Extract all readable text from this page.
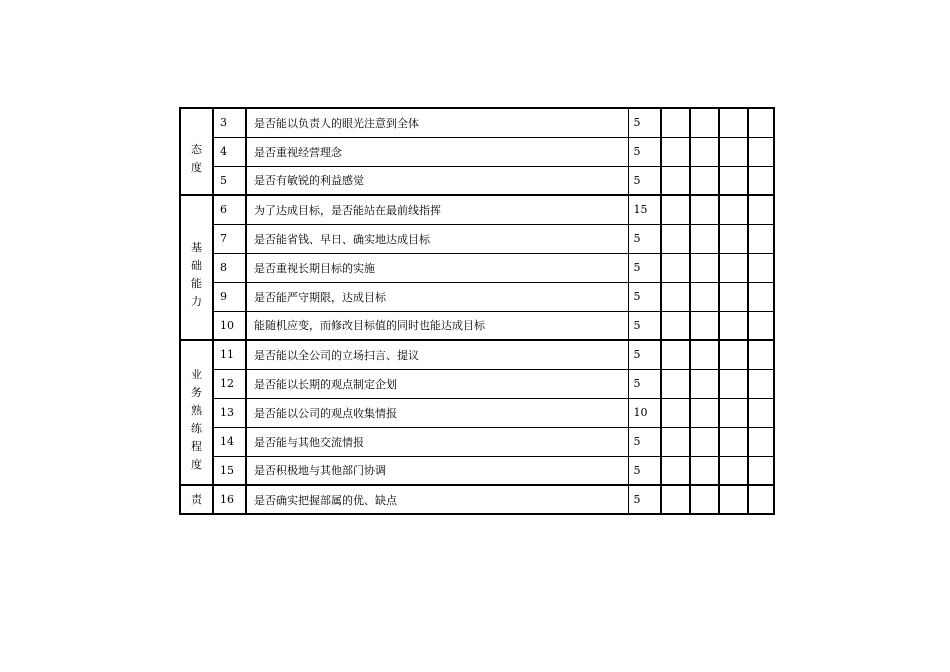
态度	3	是否能以负责人的眼光注意到全体	5				
	4	是否重视经营理念	5				
	5	是否有敏锐的利益感觉	5				
基础能力	6	为了达成目标，是否能站在最前线指挥	15				
	7	是否能省钱、早日、确实地达成目标	5				
	8	是否重视长期目标的实施	5				
	9	是否能严守期限，达成目标	5				
	10	能随机应变，而修改目标值的同时也能达成目标	5				
业务熟练程度	11	是否能以全公司的立场扫言、提议	5				
	12	是否能以长期的观点制定企划	5				
	13	是否能以公司的观点收集情报	10				
	14	是否能与其他交流情报	5				
	15	是否积极地与其他部门协调	5				
责	16	是否确实把握部属的优、缺点	5				
